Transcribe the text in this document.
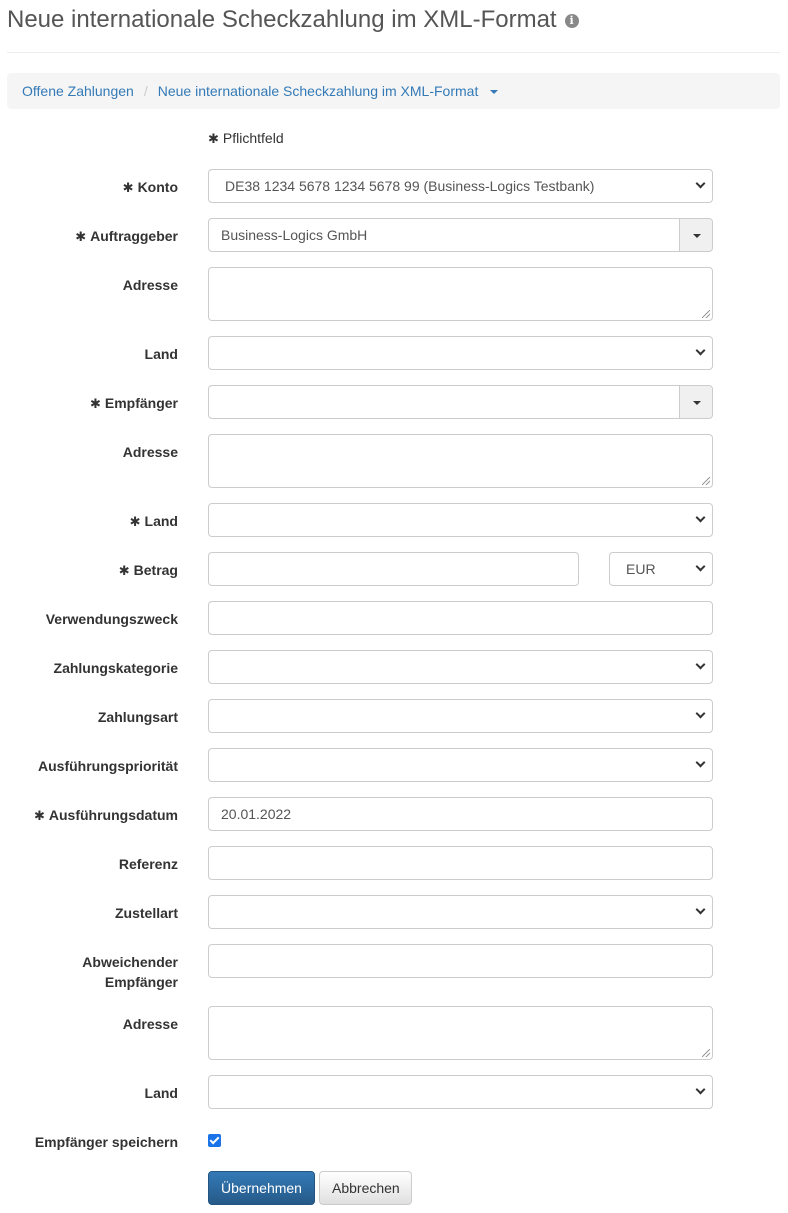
Neue internationale Scheckzahlung im XML-Format i
Offene Zahlungen / Neue internationale Scheckzahlung im XML-Format
✱ Pflichtfeld
✱ Konto	DE38 1234 5678 1234 5678 99 (Business-Logics Testbank)
✱ Auftraggeber	Business-Logics GmbH
Adresse
Land
✱ Empfänger
Adresse
✱ Land
✱ Betrag	EUR
Verwendungszweck
Zahlungskategorie
Zahlungsart
Ausführungspriorität
✱ Ausführungsdatum	20.01.2022
Referenz
Zustellart
Abweichender
Empfänger
Adresse
Land
Empfänger speichern
Übernehmen	Abbrechen
